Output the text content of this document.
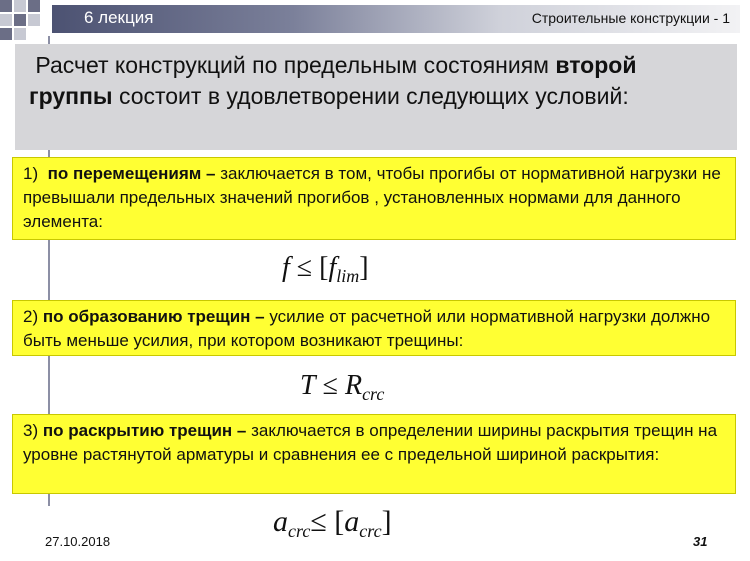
6 лекция	Строительные конструкции - 1

Расчет конструкций по предельным состояниям второй группы состоит в удовлетворении следующих условий:

1) по перемещениям – заключается в том, чтобы прогибы от нормативной нагрузки не превышали предельных значений прогибов , установленных нормами для данного элемента:

$f \le [f_{lim}]$

2) по образованию трещин – усилие от расчетной или нормативной нагрузки должно быть меньше усилия, при котором возникают трещины:

$T \le R_{crc}$

3) по раскрытию трещин – заключается в определении ширины раскрытия трещин на уровне растянутой арматуры и сравнения ее с предельной шириной раскрытия:

$a_{crc}\le [a_{crc}]$
27.10.2018	31
